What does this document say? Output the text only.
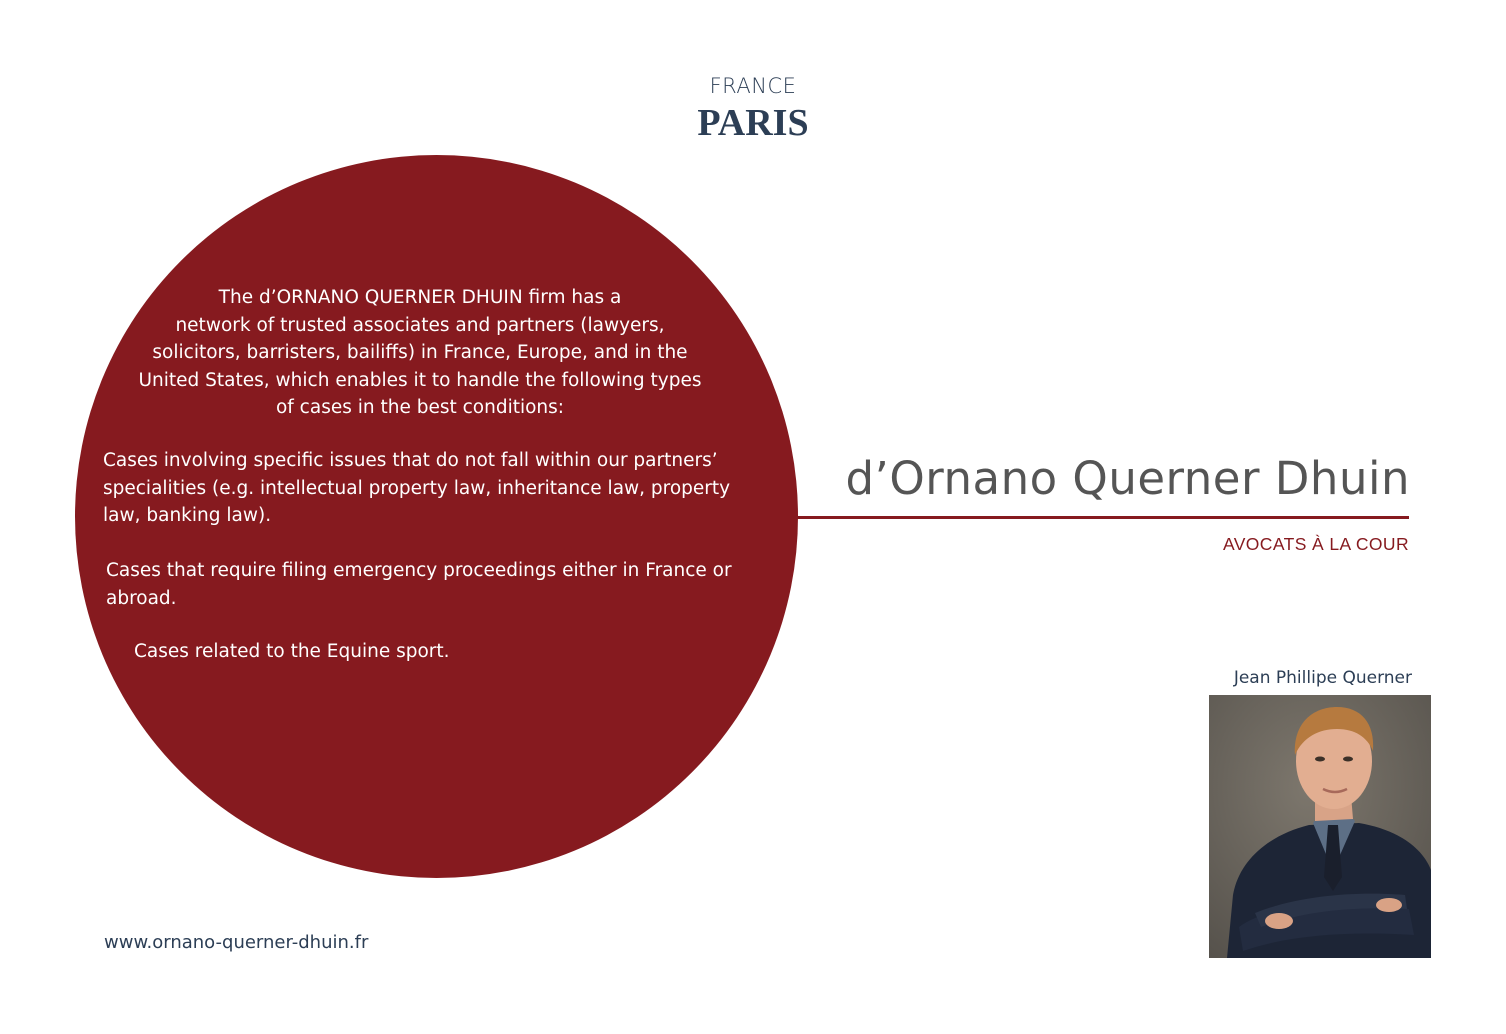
FRANCE
PARIS

The d’ORNANO QUERNER DHUIN firm has a
network of trusted associates and partners (lawyers,
solicitors, barristers, bailiffs) in France, Europe, and in the
United States, which enables it to handle the following types
of cases in the best conditions:

Cases involving specific issues that do not fall within our partners’
specialities (e.g. intellectual property law, inheritance law, property
law, banking law).

Cases that require filing emergency proceedings either in France or
abroad.

Cases related to the Equine sport.

d’Ornano Querner Dhuin
AVOCATS À LA COUR
Jean Phillipe Querner
www.ornano-querner-dhuin.fr
